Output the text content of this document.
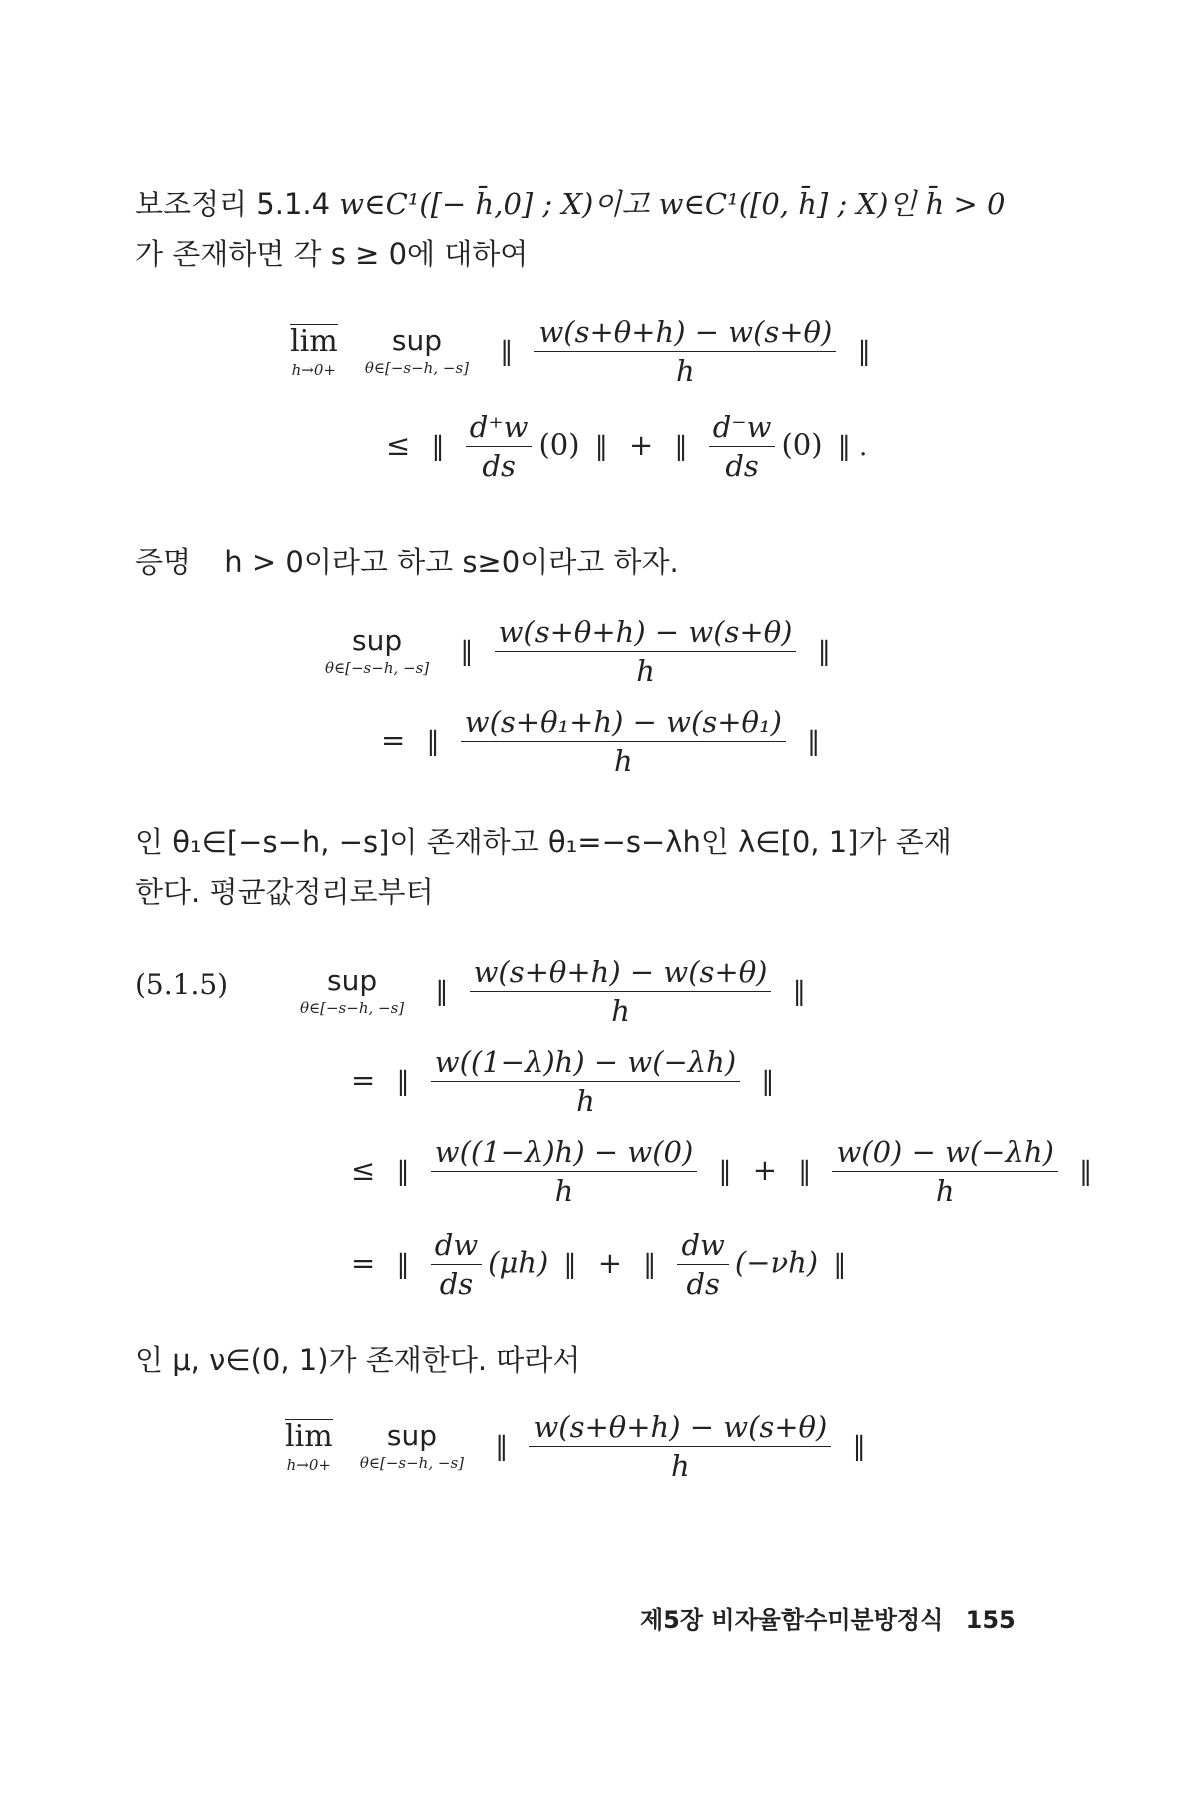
보조정리 5.1.4 w∈C¹([− h̄,0] ; X)이고 w∈C¹([0, h̄] ; X)인 h̄ > 0
가 존재하면 각 s ≥ 0에 대하여
lim
h→0+

sup
θ∈[−s−h, −s]
‖ $\frac{w(s+\theta+h) - w(s+\theta)}{h}$ ‖
≤ ‖ $\frac{d^+w}{ds} (0)$ ‖ + ‖ $\frac{d^-w}{ds} (0)$ ‖ .
증명 h > 0이라고 하고 s≥0이라고 하자.
sup
θ∈[−s−h, −s]
‖ $\frac{w(s+\theta+h) - w(s+\theta)}{h}$ ‖
= ‖ $\frac{\text{w(s+θ₁+h) − w(s+θ₁)}}{h}$ ‖
인 θ₁∈[−s−h, −s]이 존재하고 θ₁=−s−λh인 λ∈[0, 1]가 존재
한다. 평균값정리로부터
(5.1.5)	sup
θ∈[−s−h, −s]
‖ $\frac{w(s+\theta+h) - w(s+\theta)}{h}$ ‖
= ‖ $\frac{w((1-\lambda)h) - w(-\lambda h)}{h}$ ‖
≤ ‖ $\frac{w((1-\lambda)h) - w(0)}{h}$ ‖ + ‖ $\frac{w(0) - w(-\lambda h)}{h}$ ‖
= ‖ $\frac{dw}{ds} (\mu h)$ ‖ + ‖ $\frac{dw}{ds} (-\nu h)$ ‖
인 μ, ν∈(0, 1)가 존재한다. 따라서
lim
h→0+

sup
θ∈[−s−h, −s]
‖ $\frac{w(s+\theta+h) - w(s+\theta)}{h}$ ‖
제5장 비자율함수미분방정식 155
